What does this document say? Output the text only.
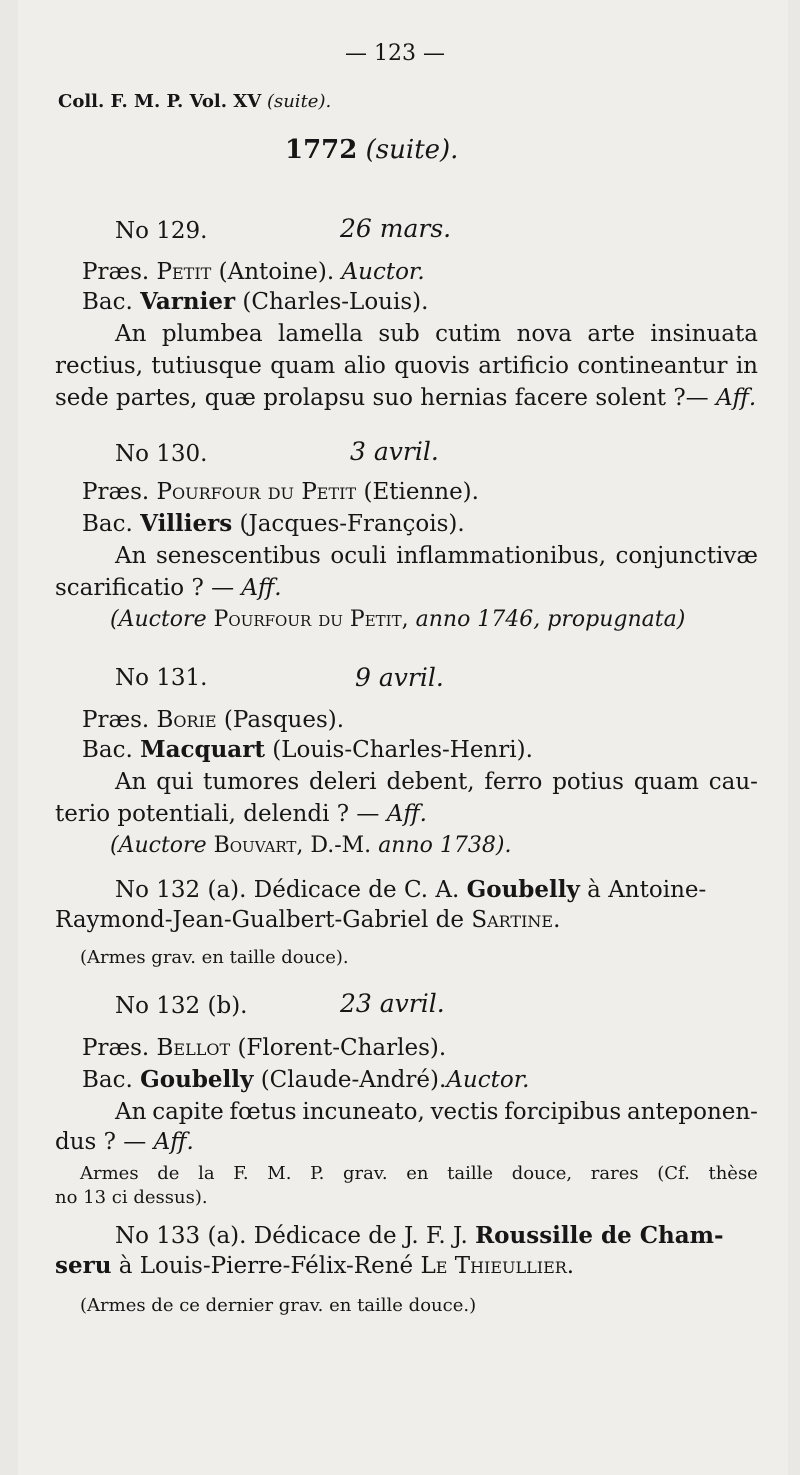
— 123 —
Coll. F. M. P. Vol. XV (suite).
1772 (suite).
No 129.	26 mars.
Præs. Petit (Antoine). Auctor.
Bac. Varnier (Charles-Louis).
An plumbea lamella sub cutim nova arte insinuata
rectius, tutiusque quam alio quovis artificio contineantur in
sede partes, quæ prolapsu suo hernias facere solent ?— Aff.
No 130.	3 avril.
Præs. Pourfour du Petit (Etienne).
Bac. Villiers (Jacques-François).
An senescentibus oculi inflammationibus, conjunctivæ
scarificatio ? — Aff.
(Auctore Pourfour du Petit, anno 1746, propugnata)
No 131.	9 avril.
Præs. Borie (Pasques).
Bac. Macquart (Louis-Charles-Henri).
An qui tumores deleri debent, ferro potius quam cau-
terio potentiali, delendi ? — Aff.
(Auctore Bouvart, D.-M. anno 1738).
No 132 (a). Dédicace de C. A. Goubelly à Antoine-
Raymond-Jean-Gualbert-Gabriel de Sartine.
(Armes grav. en taille douce).
No 132 (b).	23 avril.
Præs. Bellot (Florent-Charles).
Bac. Goubelly (Claude-André).Auctor.
An capite fœtus incuneato, vectis forcipibus anteponen-
dus ? — Aff.
Armes de la F. M. P. grav. en taille douce, rares (Cf. thèse
no 13 ci dessus).
No 133 (a). Dédicace de J. F. J. Roussille de Cham-
seru à Louis-Pierre-Félix-René Le Thieullier.
(Armes de ce dernier grav. en taille douce.)
